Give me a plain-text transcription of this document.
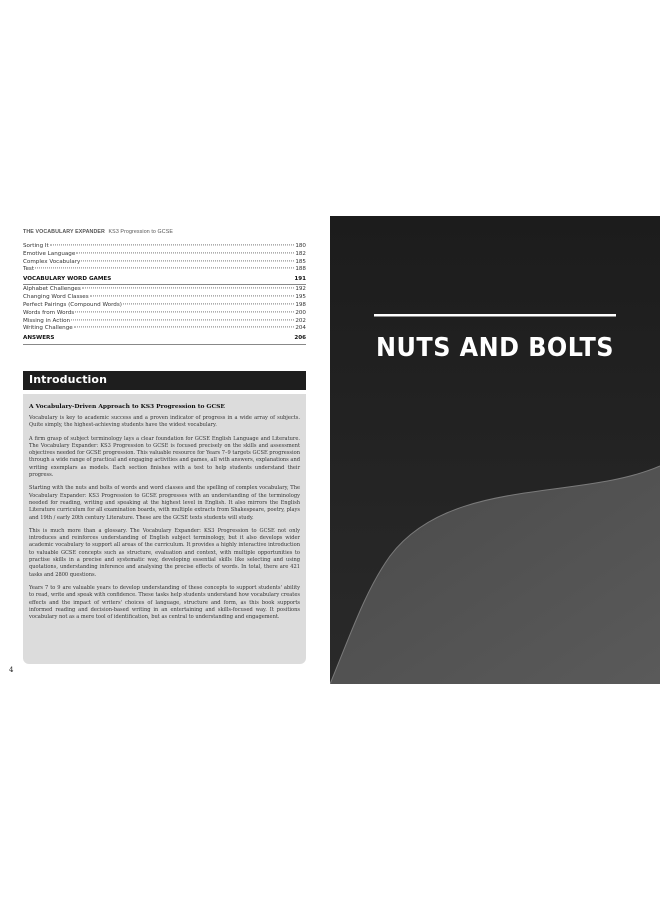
THE VOCABULARY EXPANDER KS3 Progression to GCSE
Sorting It	180
Emotive Language	182
Complex Vocabulary	185
Test	188
VOCABULARY WORD GAMES	191
Alphabet Challenges	192
Changing Word Classes	195
Perfect Pairings (Compound Words)	198
Words from Words	200
Missing in Action	202
Writing Challenge	204
ANSWERS	206
Introduction
A Vocabulary-Driven Approach to KS3 Progression to GCSE

Vocabulary is key to academic success and a proven indicator of progress in a wide array of subjects. Quite simply, the highest-achieving students have the widest vocabulary.

A firm grasp of subject terminology lays a clear foundation for GCSE English Language and Literature. The Vocabulary Expander: KS3 Progression to GCSE is focused precisely on the skills and assessment objectives needed for GCSE progression. This valuable resource for Years 7–9 targets GCSE progression through a wide range of practical and engaging activities and games, all with answers, explanations and writing exemplars as models. Each section finishes with a test to help students understand their progress.

Starting with the nuts and bolts of words and word classes and the spelling of complex vocabulary, The Vocabulary Expander: KS3 Progression to GCSE progresses with an understanding of the terminology needed for reading, writing and speaking at the highest level in English. It also mirrors the English Literature curriculum for all examination boards, with multiple extracts from Shakespeare, poetry, plays and 19th / early 20th century Literature. These are the GCSE texts students will study.

This is much more than a glossary. The Vocabulary Expander: KS3 Progression to GCSE not only introduces and reinforces understanding of English subject terminology, but it also develops wider academic vocabulary to support all areas of the curriculum. It provides a highly interactive introduction to valuable GCSE concepts such as structure, evaluation and context, with multiple opportunities to practise skills in a precise and systematic way, developing essential skills like selecting and using quotations, understanding inference and analysing the precise effects of words. In total, there are 421 tasks and 2800 questions.

Years 7 to 9 are valuable years to develop understanding of these concepts to support students' ability to read, write and speak with confidence. These tasks help students understand how vocabulary creates effects and the impact of writers' choices of language, structure and form, as this book supports informed reading and decision-based writing in an entertaining and skills-focused way. It positions vocabulary not as a mere tool of identification, but as central to understanding and engagement.

4
NUTS AND BOLTS
